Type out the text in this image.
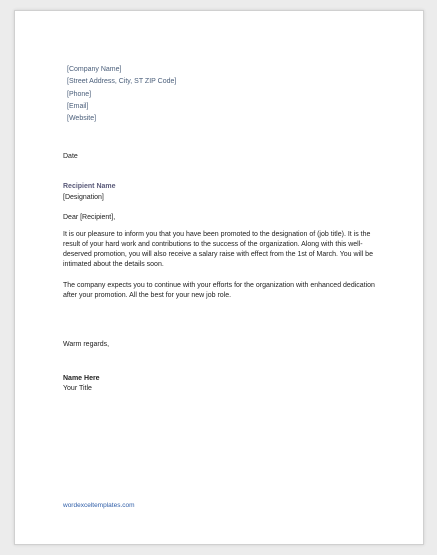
[Company Name]
[Street Address, City, ST ZIP Code]
[Phone]
[Email]
[Website]
Date
Recipient Name
[Designation]
Dear [Recipient],
It is our pleasure to inform you that you have been promoted to the designation of (job title). It is the result of your hard work and contributions to the success of the organization. Along with this well-deserved promotion, you will also receive a salary raise with effect from the 1st of March. You will be intimated about the details soon.
The company expects you to continue with your efforts for the organization with enhanced dedication after your promotion. All the best for your new job role.
Warm regards,
Name Here
Your Title
wordexceltemplates.com
